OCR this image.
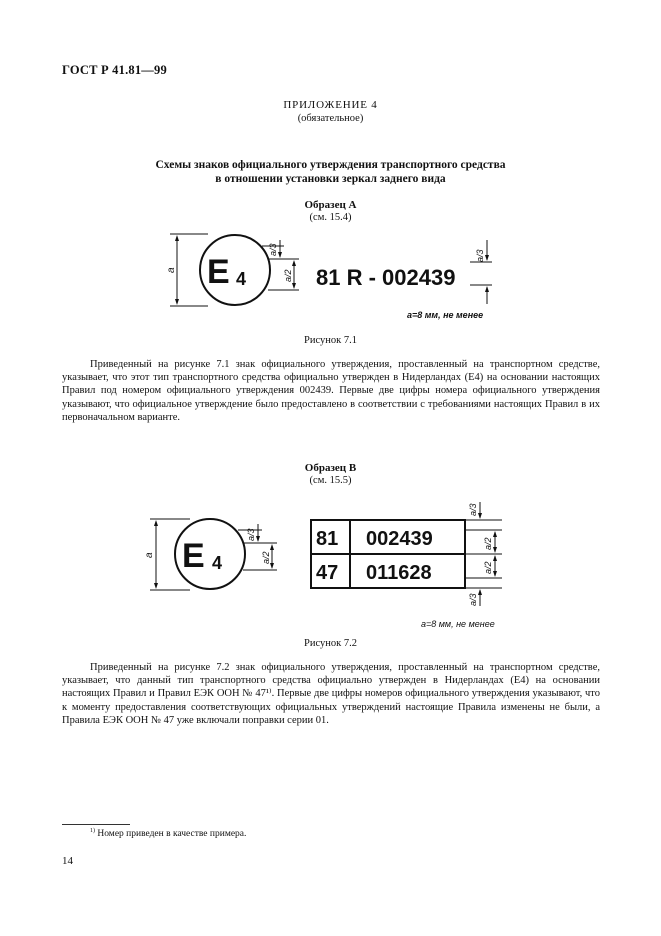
ГОСТ Р 41.81—99
ПРИЛОЖЕНИЕ 4
(обязательное)
Схемы знаков официального утверждения транспортного средства
в отношении установки зеркал заднего вида
Образец А
(см. 15.4)
E 4	81 R - 002439
a
a/3
a/2
a/3
a=8 мм, не менее
Рисунок 7.1
Приведенный на рисунке 7.1 знак официального утверждения, проставленный на транспортном средстве, указывает, что этот тип транспортного средства официально утвержден в Нидерландах (E4) на основании настоящих Правил под номером официального утверждения 002439. Первые две цифры номера официального утверждения указывают, что официальное утверждение было предоставлено в соответствии с требованиями настоящих Правил в их первоначальном варианте.
Образец В
(см. 15.5)
E 4
81 002439
47 011628
a
a/3
a/2
a/3
a/2
a/2
a/3
a=8 мм, не менее
Рисунок 7.2
Приведенный на рисунке 7.2 знак официального утверждения, проставленный на транспортном средстве, указывает, что данный тип транспортного средства официально утвержден в Нидерландах (E4) на основании настоящих Правил и Правил ЕЭК ООН № 47¹⁾. Первые две цифры номеров официального утверждения указывают, что к моменту предоставления соответствующих официальных утверждений настоящие Правила изменены не были, а Правила ЕЭК ООН № 47 уже включали поправки серии 01.
$^{1)}$ Номер приведен в качестве примера.
14
